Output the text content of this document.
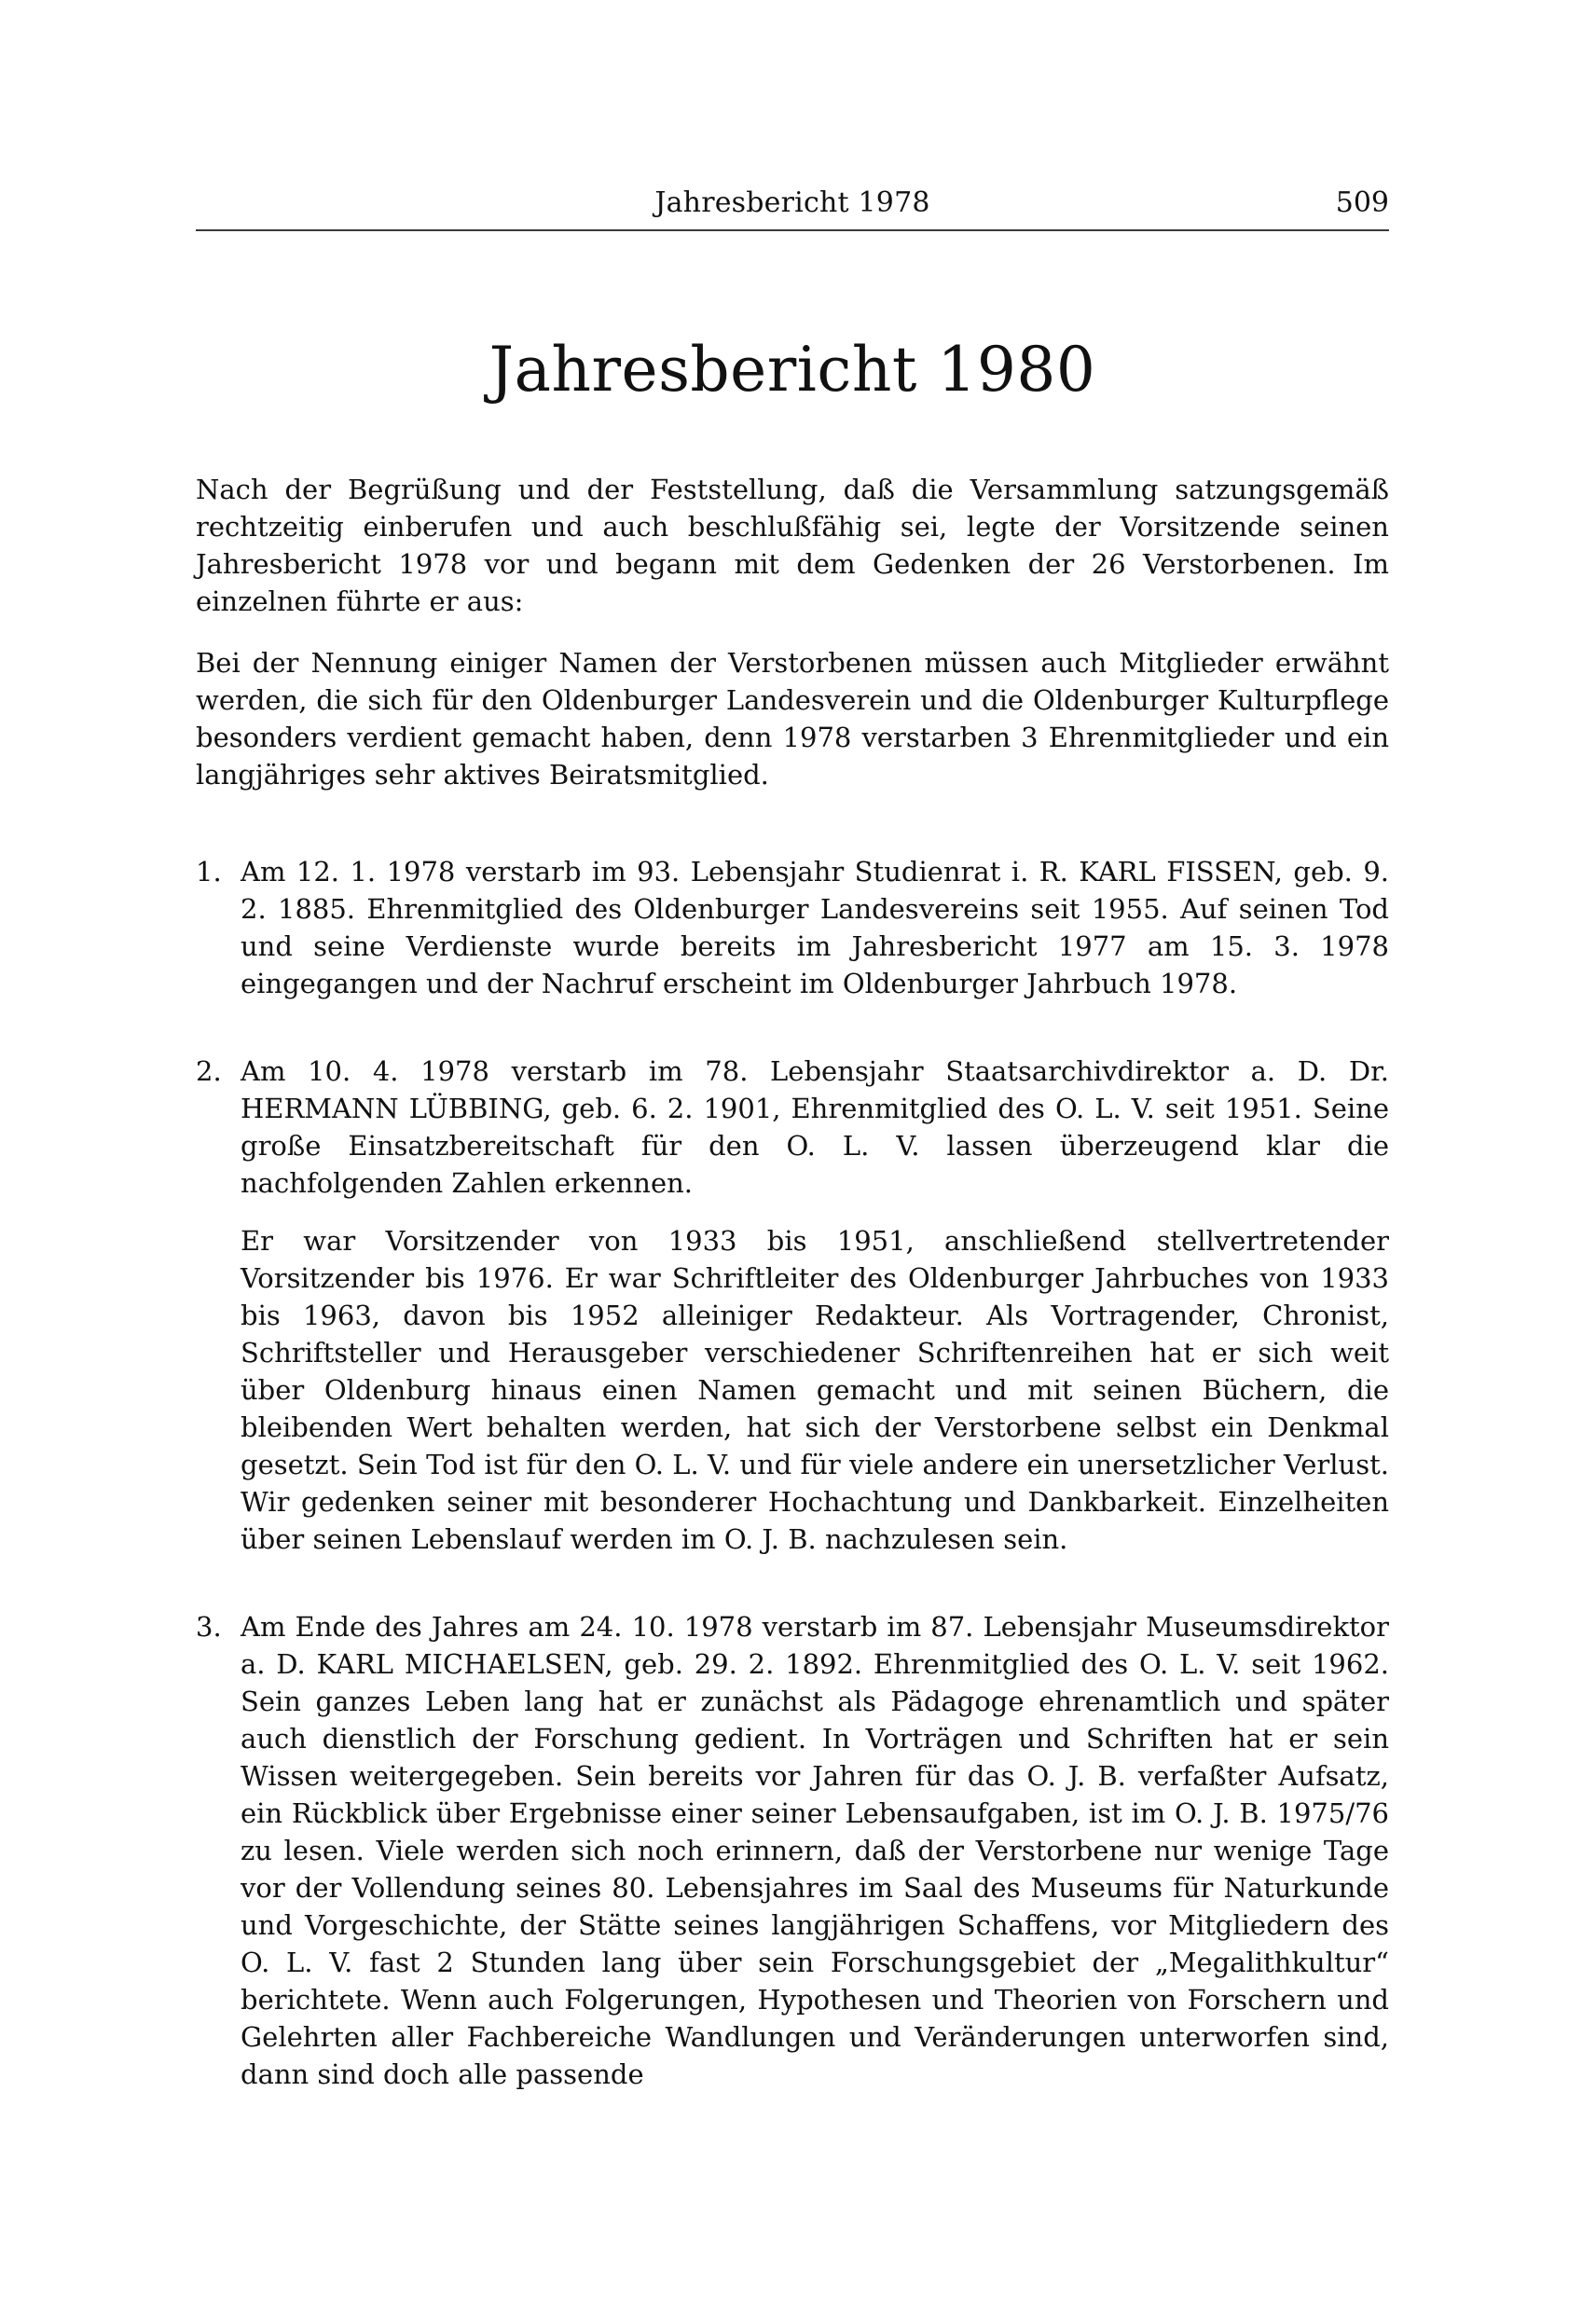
Jahresbericht 1978	509

Jahresbericht 1980

Nach der Begrüßung und der Feststellung, daß die Versammlung satzungsgemäß rechtzeitig einberufen und auch beschlußfähig sei, legte der Vorsitzende seinen Jahresbericht 1978 vor und begann mit dem Gedenken der 26 Verstorbenen. Im einzelnen führte er aus:

Bei der Nennung einiger Namen der Verstorbenen müssen auch Mitglieder erwähnt werden, die sich für den Oldenburger Landesverein und die Oldenburger Kulturpflege besonders verdient gemacht haben, denn 1978 verstarben 3 Ehrenmitglieder und ein langjähriges sehr aktives Beiratsmitglied.

1. Am 12. 1. 1978 verstarb im 93. Lebensjahr Studienrat i. R. KARL FISSEN, geb. 9. 2. 1885. Ehrenmitglied des Oldenburger Landesvereins seit 1955. Auf seinen Tod und seine Verdienste wurde bereits im Jahresbericht 1977 am 15. 3. 1978 eingegangen und der Nachruf erscheint im Oldenburger Jahrbuch 1978.

2. Am 10. 4. 1978 verstarb im 78. Lebensjahr Staatsarchivdirektor a. D. Dr. HERMANN LÜBBING, geb. 6. 2. 1901, Ehrenmitglied des O. L. V. seit 1951. Seine große Einsatzbereitschaft für den O. L. V. lassen überzeugend klar die nachfolgenden Zahlen erkennen.

Er war Vorsitzender von 1933 bis 1951, anschließend stellvertretender Vorsitzender bis 1976. Er war Schriftleiter des Oldenburger Jahrbuches von 1933 bis 1963, davon bis 1952 alleiniger Redakteur. Als Vortragender, Chronist, Schriftsteller und Herausgeber verschiedener Schriftenreihen hat er sich weit über Oldenburg hinaus einen Namen gemacht und mit seinen Büchern, die bleibenden Wert behalten werden, hat sich der Verstorbene selbst ein Denkmal gesetzt. Sein Tod ist für den O. L. V. und für viele andere ein unersetzlicher Verlust. Wir gedenken seiner mit besonderer Hochachtung und Dankbarkeit. Einzelheiten über seinen Lebenslauf werden im O. J. B. nachzulesen sein.

3. Am Ende des Jahres am 24. 10. 1978 verstarb im 87. Lebensjahr Museumsdirektor a. D. KARL MICHAELSEN, geb. 29. 2. 1892. Ehrenmitglied des O. L. V. seit 1962. Sein ganzes Leben lang hat er zunächst als Pädagoge ehrenamtlich und später auch dienstlich der Forschung gedient. In Vorträgen und Schriften hat er sein Wissen weitergegeben. Sein bereits vor Jahren für das O. J. B. verfaßter Aufsatz, ein Rückblick über Ergebnisse einer seiner Lebensaufgaben, ist im O. J. B. 1975/76 zu lesen. Viele werden sich noch erinnern, daß der Verstorbene nur wenige Tage vor der Vollendung seines 80. Lebensjahres im Saal des Museums für Naturkunde und Vorgeschichte, der Stätte seines langjährigen Schaffens, vor Mitgliedern des O. L. V. fast 2 Stunden lang über sein Forschungsgebiet der „Megalithkultur“ berichtete. Wenn auch Folgerungen, Hypothesen und Theorien von Forschern und Gelehrten aller Fachbereiche Wandlungen und Veränderungen unterworfen sind, dann sind doch alle passende
